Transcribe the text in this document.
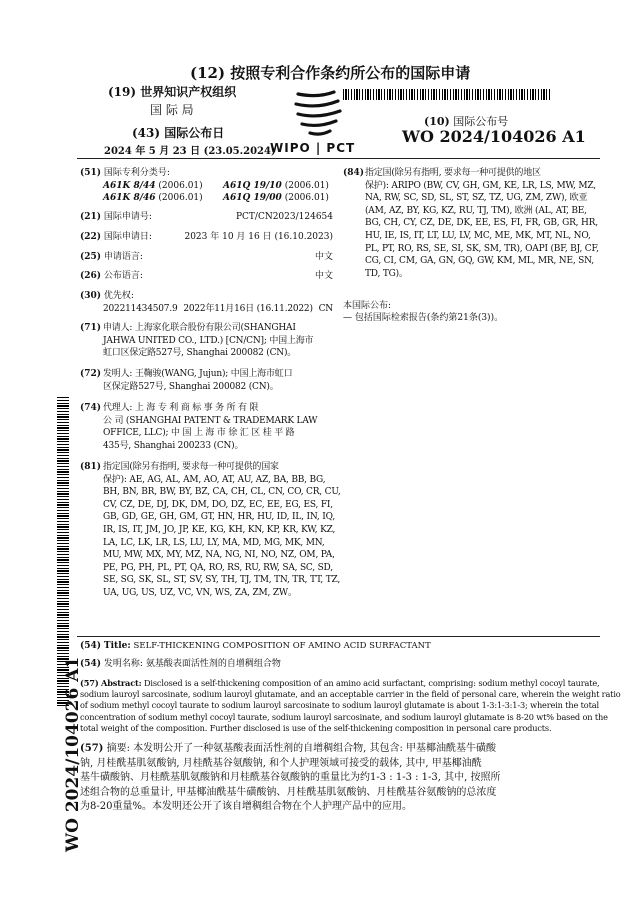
(12) 按照专利合作条约所公布的国际申请
(19) 世界知识产权组织
国 际 局
(43) 国际公布日
2024 年 5 月 23 日 (23.05.2024)
WIPO | PCT
(10) 国际公布号
WO 2024/104026 A1
WO 2024/104026 A1
(51) 国际专利分类号:
A61K 8/44 (2006.01)	A61Q 19/10 (2006.01)
A61K 8/46 (2006.01)	A61Q 19/00 (2006.01)
(21) 国际申请号:	PCT/CN2023/124654
(22) 国际申请日:	2023 年 10 月 16 日 (16.10.2023)
(25) 申请语言:	中文
(26) 公布语言:	中文
(30) 优先权:
202211434507.9 2022年11月16日 (16.11.2022) CN
(71) 申请人: 上海家化联合股份有限公司(SHANGHAI
JAHWA UNITED CO., LTD.) [CN/CN]; 中国上海市
虹口区保定路527号, Shanghai 200082 (CN)。
(72) 发明人: 王鞠骏(WANG, Jujun); 中国上海市虹口
区保定路527号, Shanghai 200082 (CN)。
(74) 代理人: 上 海 专 利 商 标 事 务 所 有 限
公 司 (SHANGHAI PATENT & TRADEMARK LAW
OFFICE, LLC); 中 国 上 海 市 徐 汇 区 桂 平 路
435号, Shanghai 200233 (CN)。
(81) 指定国(除另有指明, 要求每一种可提供的国家
保护): AE, AG, AL, AM, AO, AT, AU, AZ, BA, BB, BG,
BH, BN, BR, BW, BY, BZ, CA, CH, CL, CN, CO, CR, CU,
CV, CZ, DE, DJ, DK, DM, DO, DZ, EC, EE, EG, ES, FI,
GB, GD, GE, GH, GM, GT, HN, HR, HU, ID, IL, IN, IQ,
IR, IS, IT, JM, JO, JP, KE, KG, KH, KN, KP, KR, KW, KZ,
LA, LC, LK, LR, LS, LU, LY, MA, MD, MG, MK, MN,
MU, MW, MX, MY, MZ, NA, NG, NI, NO, NZ, OM, PA,
PE, PG, PH, PL, PT, QA, RO, RS, RU, RW, SA, SC, SD,
SE, SG, SK, SL, ST, SV, SY, TH, TJ, TM, TN, TR, TT, TZ,
UA, UG, US, UZ, VC, VN, WS, ZA, ZM, ZW。
(84) 指定国(除另有指明, 要求每一种可提供的地区
保护): ARIPO (BW, CV, GH, GM, KE, LR, LS, MW, MZ,
NA, RW, SC, SD, SL, ST, SZ, TZ, UG, ZM, ZW), 欧亚
(AM, AZ, BY, KG, KZ, RU, TJ, TM), 欧洲 (AL, AT, BE,
BG, CH, CY, CZ, DE, DK, EE, ES, FI, FR, GB, GR, HR,
HU, IE, IS, IT, LT, LU, LV, MC, ME, MK, MT, NL, NO,
PL, PT, RO, RS, SE, SI, SK, SM, TR), OAPI (BF, BJ, CF,
CG, CI, CM, GA, GN, GQ, GW, KM, ML, MR, NE, SN,
TD, TG)。
本国际公布:
— 包括国际检索报告(条约第21条(3))。
(54) Title: SELF-THICKENING COMPOSITION OF AMINO ACID SURFACTANT
(54) 发明名称: 氨基酸表面活性剂的自增稠组合物
(57) Abstract: Disclosed is a self-thickening composition of an amino acid surfactant, comprising: sodium methyl cocoyl taurate,
sodium lauroyl sarcosinate, sodium lauroyl glutamate, and an acceptable carrier in the field of personal care, wherein the weight ratio
of sodium methyl cocoyl taurate to sodium lauroyl sarcosinate to sodium lauroyl glutamate is about 1-3:1-3:1-3; wherein the total
concentration of sodium methyl cocoyl taurate, sodium lauroyl sarcosinate, and sodium lauroyl glutamate is 8-20 wt% based on the
total weight of the composition. Further disclosed is use of the self-thickening composition in personal care products.
(57) 摘要: 本发明公开了一种氨基酸表面活性剂的自增稠组合物, 其包含: 甲基椰油酰基牛磺酸
钠, 月桂酰基肌氨酸钠, 月桂酰基谷氨酸钠, 和个人护理领域可接受的载体, 其中, 甲基椰油酰
基牛磺酸钠、月桂酰基肌氨酸钠和月桂酰基谷氨酸钠的重量比为约1-3 : 1-3 : 1-3, 其中, 按照所
述组合物的总重量计, 甲基椰油酰基牛磺酸钠、月桂酰基肌氨酸钠、月桂酰基谷氨酸钠的总浓度
为8-20重量%。本发明还公开了该自增稠组合物在个人护理产品中的应用。
